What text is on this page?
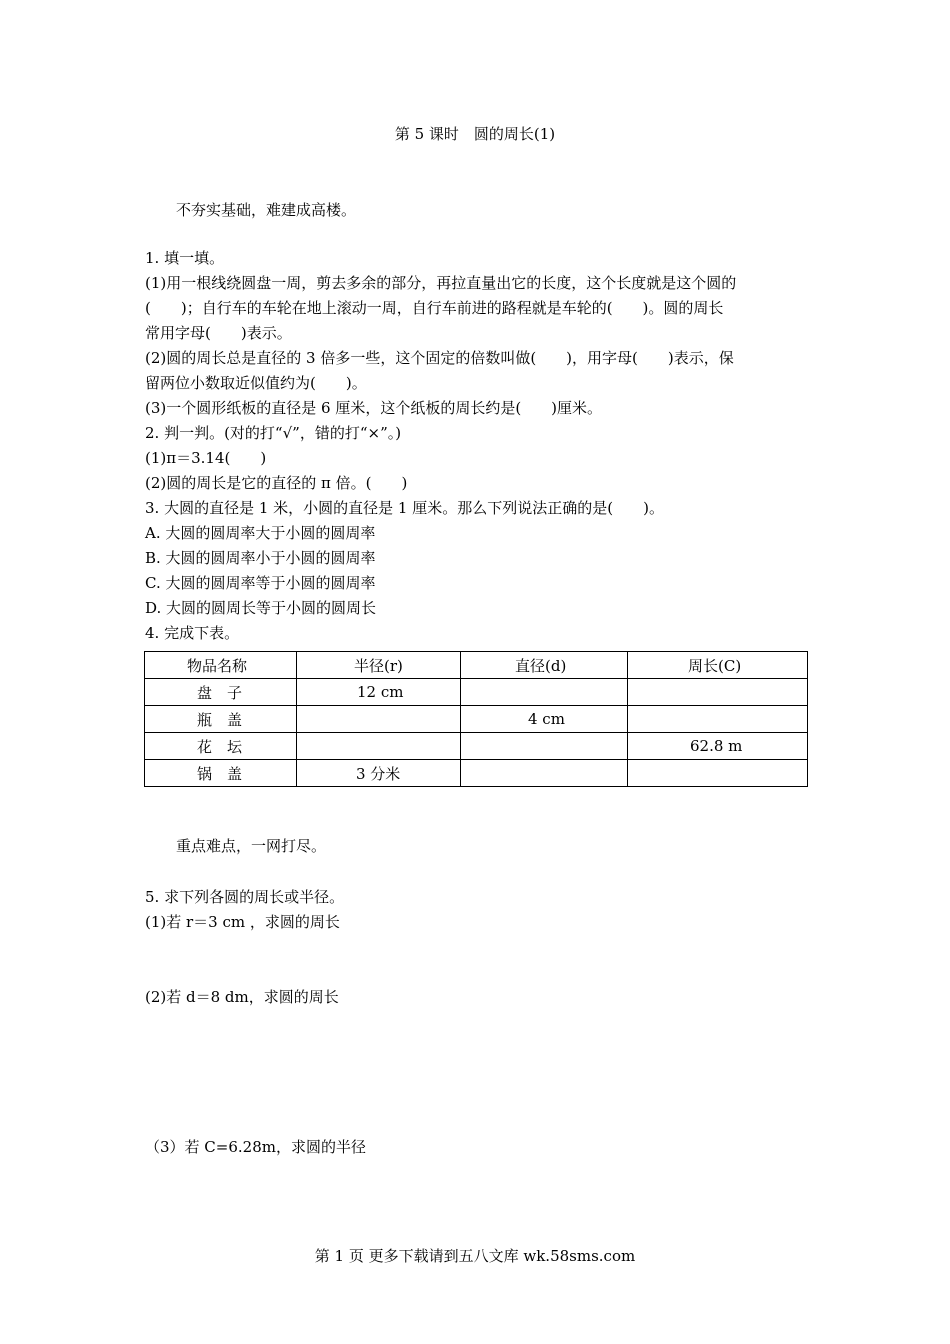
第 5 课时　圆的周长(1)
不夯实基础，难建成高楼。
1. 填一填。
(1)用一根线绕圆盘一周，剪去多余的部分，再拉直量出它的长度，这个长度就是这个圆的
(　　)；自行车的车轮在地上滚动一周，自行车前进的路程就是车轮的(　　)。圆的周长
常用字母(　　)表示。
(2)圆的周长总是直径的 3 倍多一些，这个固定的倍数叫做(　　)，用字母(　　)表示，保
留两位小数取近似值约为(　　)。
(3)一个圆形纸板的直径是 6 厘米，这个纸板的周长约是(　　)厘米。
2. 判一判。(对的打“√”，错的打“×”。)
(1)π＝3.14(　　)
(2)圆的周长是它的直径的 π 倍。(　　)
3. 大圆的直径是 1 米，小圆的直径是 1 厘米。那么下列说法正确的是(　　)。
A. 大圆的圆周率大于小圆的圆周率
B. 大圆的圆周率小于小圆的圆周率
C. 大圆的圆周率等于小圆的圆周率
D. 大圆的圆周长等于小圆的圆周长
4. 完成下表。
物品名称	半径(r)	直径(d)	周长(C)
盘　子	12 cm		
瓶　盖		4 cm	
花　坛			62.8 m
锅　盖	3 分米		
重点难点，一网打尽。
5. 求下列各圆的周长或半径。
(1)若 r＝3 cm ，求圆的周长
(2)若 d＝8 dm，求圆的周长
（3）若 C=6.28m，求圆的半径
第 1 页 更多下载请到五八文库 wk.58sms.com
